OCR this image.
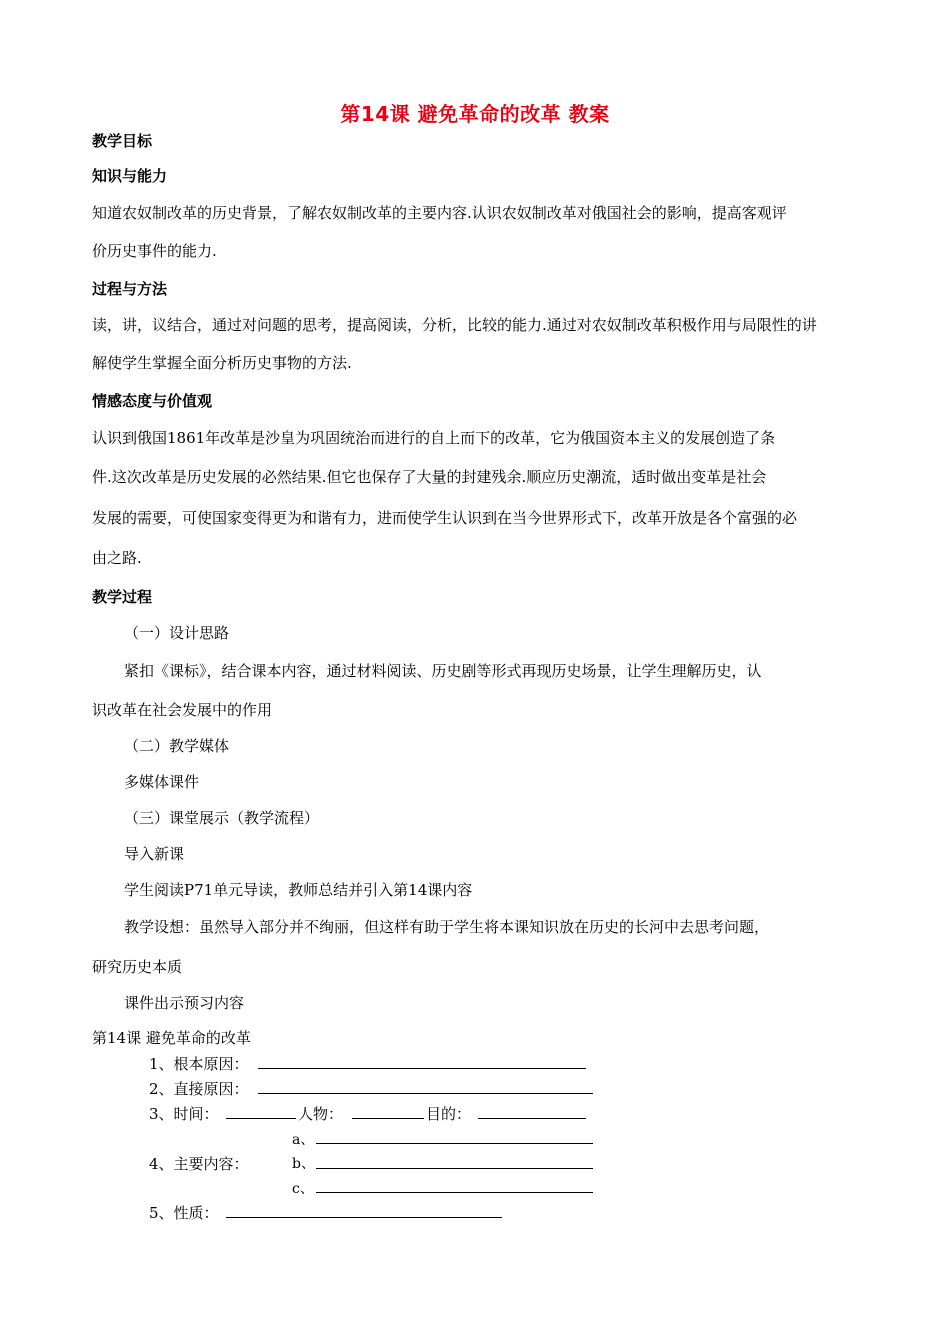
第14课 避免革命的改革 教案
教学目标
知识与能力
知道农奴制改革的历史背景，了解农奴制改革的主要内容.认识农奴制改革对俄国社会的影响，提高客观评
价历史事件的能力.
过程与方法
读，讲，议结合，通过对问题的思考，提高阅读，分析，比较的能力.通过对农奴制改革积极作用与局限性的讲
解使学生掌握全面分析历史事物的方法.
情感态度与价值观
认识到俄国1861年改革是沙皇为巩固统治而进行的自上而下的改革，它为俄国资本主义的发展创造了条
件.这次改革是历史发展的必然结果.但它也保存了大量的封建残余.顺应历史潮流，适时做出变革是社会
发展的需要，可使国家变得更为和谐有力，进而使学生认识到在当今世界形式下，改革开放是各个富强的必
由之路.
教学过程
（一）设计思路
紧扣《课标》，结合课本内容，通过材料阅读、历史剧等形式再现历史场景，让学生理解历史，认
识改革在社会发展中的作用
（二）教学媒体
多媒体课件
（三）课堂展示（教学流程）
导入新课
学生阅读P71单元导读，教师总结并引入第14课内容
教学设想：虽然导入部分并不绚丽，但这样有助于学生将本课知识放在历史的长河中去思考问题，
研究历史本质
课件出示预习内容
第14课 避免革命的改革
1、根本原因：
2、直接原因：
3、时间：	人物：	目的：
a、
4、主要内容：	b、
c、
5、性质：
